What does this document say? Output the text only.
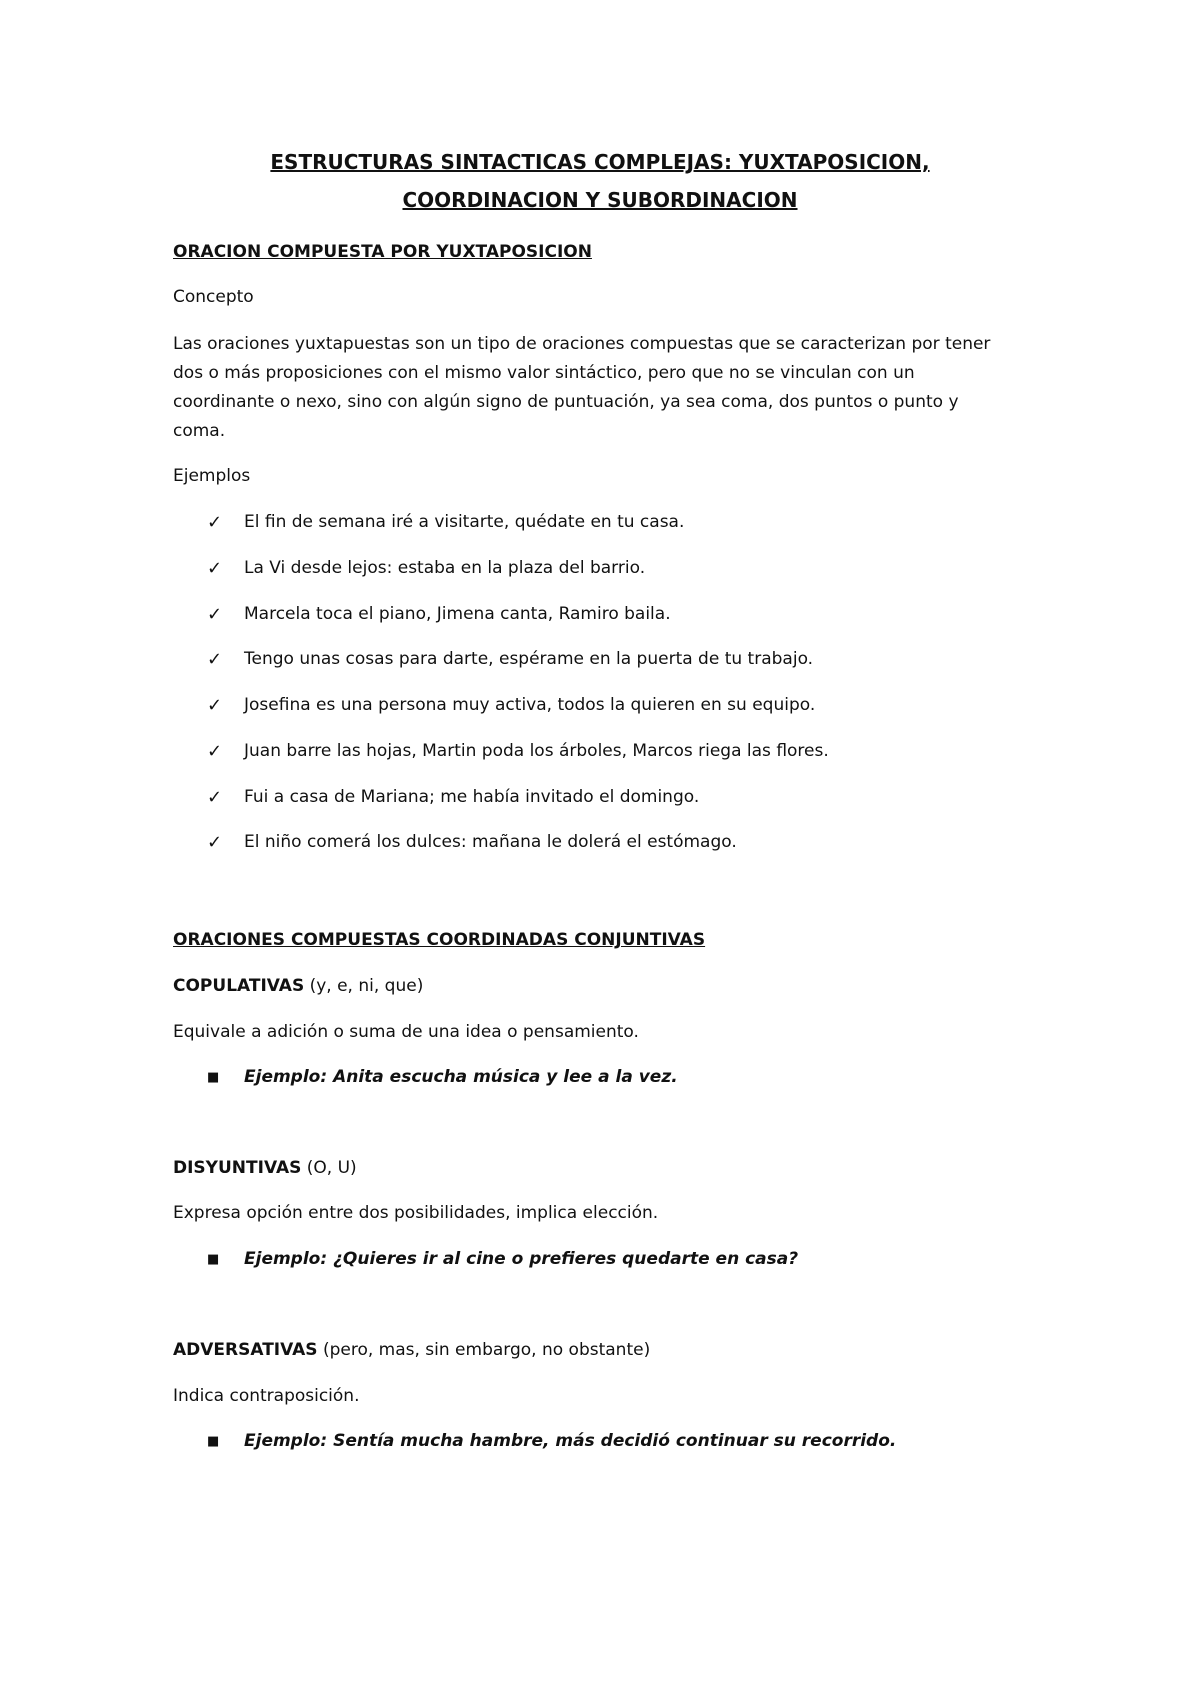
ESTRUCTURAS SINTACTICAS COMPLEJAS: YUXTAPOSICION,
COORDINACION Y SUBORDINACION
ORACION COMPUESTA POR YUXTAPOSICION
Concepto
Las oraciones yuxtapuestas son un tipo de oraciones compuestas que se caracterizan por tener
dos o más proposiciones con el mismo valor sintáctico, pero que no se vinculan con un
coordinante o nexo, sino con algún signo de puntuación, ya sea coma, dos puntos o punto y
coma.
Ejemplos
✓ El fin de semana iré a visitarte, quédate en tu casa.
✓ La Vi desde lejos: estaba en la plaza del barrio.
✓ Marcela toca el piano, Jimena canta, Ramiro baila.
✓ Tengo unas cosas para darte, espérame en la puerta de tu trabajo.
✓ Josefina es una persona muy activa, todos la quieren en su equipo.
✓ Juan barre las hojas, Martin poda los árboles, Marcos riega las flores.
✓ Fui a casa de Mariana; me había invitado el domingo.
✓ El niño comerá los dulces: mañana le dolerá el estómago.
ORACIONES COMPUESTAS COORDINADAS CONJUNTIVAS
COPULATIVAS (y, e, ni, que)
Equivale a adición o suma de una idea o pensamiento.
■ Ejemplo: Anita escucha música y lee a la vez.
DISYUNTIVAS (O, U)
Expresa opción entre dos posibilidades, implica elección.
■ Ejemplo: ¿Quieres ir al cine o prefieres quedarte en casa?
ADVERSATIVAS (pero, mas, sin embargo, no obstante)
Indica contraposición.
■ Ejemplo: Sentía mucha hambre, más decidió continuar su recorrido.
